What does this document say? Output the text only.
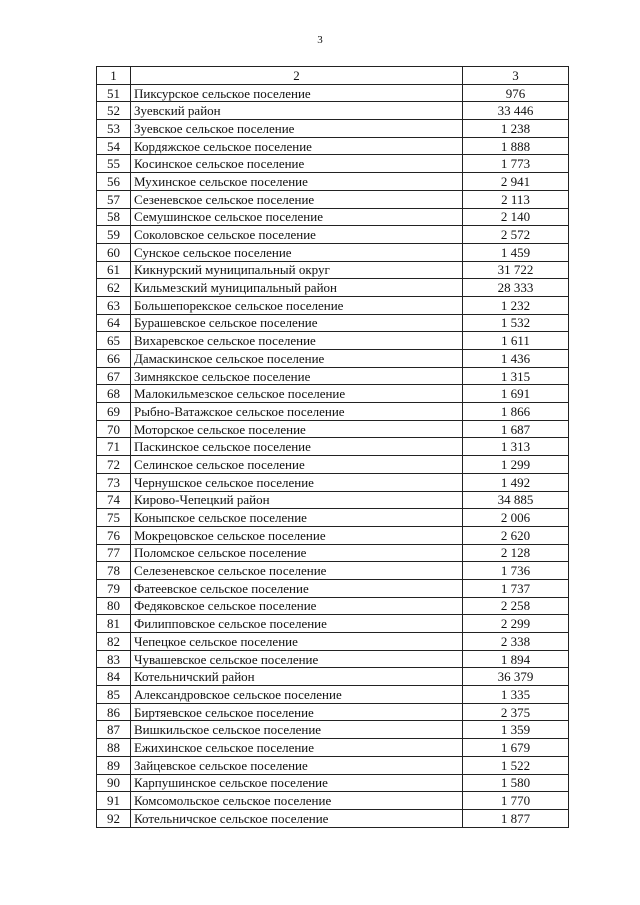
3
1	2	3
51	Пиксурское сельское поселение	976
52	Зуевский район	33 446
53	Зуевское сельское поселение	1 238
54	Кордяжское сельское поселение	1 888
55	Косинское сельское поселение	1 773
56	Мухинское сельское поселение	2 941
57	Сезеневское сельское поселение	2 113
58	Семушинское сельское поселение	2 140
59	Соколовское сельское поселение	2 572
60	Сунское сельское поселение	1 459
61	Кикнурский муниципальный округ	31 722
62	Кильмезский муниципальный район	28 333
63	Большепорекское сельское поселение	1 232
64	Бурашевское сельское поселение	1 532
65	Вихаревское сельское поселение	1 611
66	Дамаскинское сельское поселение	1 436
67	Зимнякское сельское поселение	1 315
68	Малокильмезское сельское поселение	1 691
69	Рыбно-Ватажское сельское поселение	1 866
70	Моторское сельское поселение	1 687
71	Паскинское сельское поселение	1 313
72	Селинское сельское поселение	1 299
73	Чернушское сельское поселение	1 492
74	Кирово-Чепецкий район	34 885
75	Коныпское сельское поселение	2 006
76	Мокрецовское сельское поселение	2 620
77	Поломское сельское поселение	2 128
78	Селезеневское сельское поселение	1 736
79	Фатеевское сельское поселение	1 737
80	Федяковское сельское поселение	2 258
81	Филипповское сельское поселение	2 299
82	Чепецкое сельское поселение	2 338
83	Чувашевское сельское поселение	1 894
84	Котельничский район	36 379
85	Александровское сельское поселение	1 335
86	Биртяевское сельское поселение	2 375
87	Вишкильское сельское поселение	1 359
88	Ежихинское сельское поселение	1 679
89	Зайцевское сельское поселение	1 522
90	Карпушинское сельское поселение	1 580
91	Комсомольское сельское поселение	1 770
92	Котельничское сельское поселение	1 877
